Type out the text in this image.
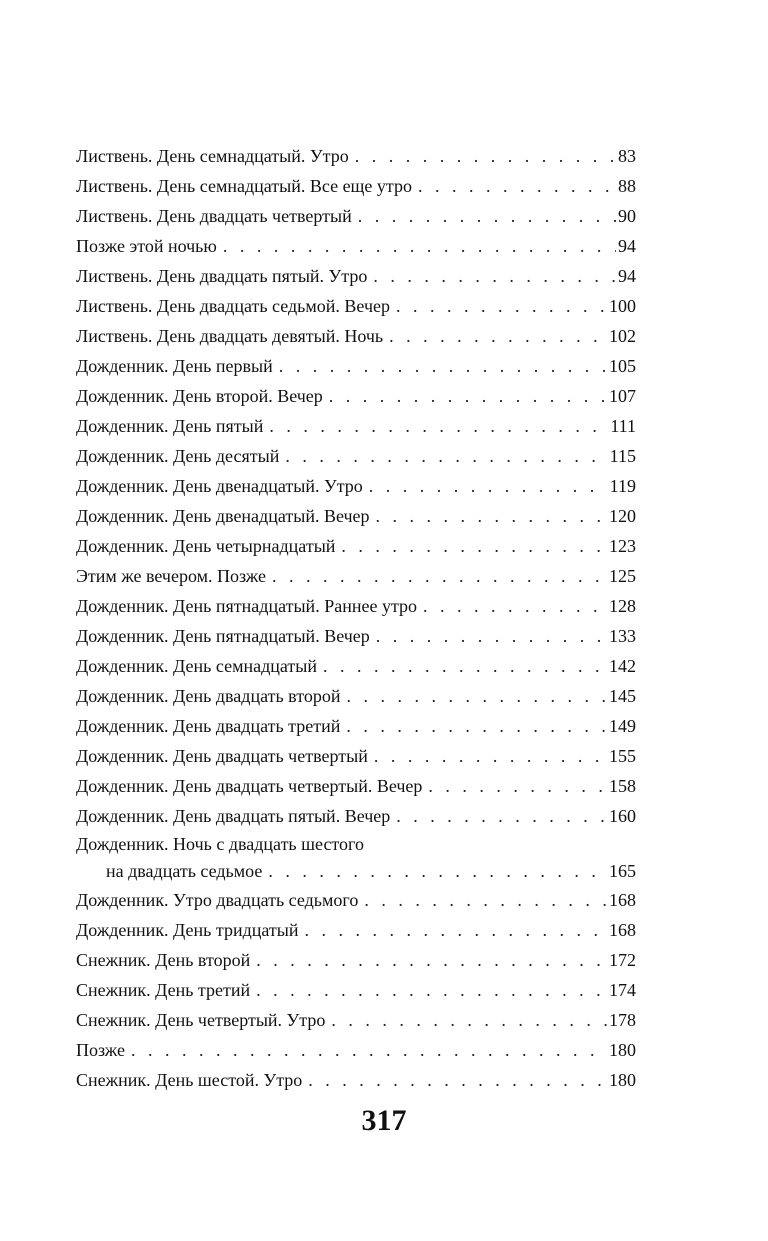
Листвень. День семнадцатый. Утро . . .	83
Листвень. День семнадцатый. Все еще утро . . .	88
Листвень. День двадцать четвертый . . .	90
Позже этой ночью . . .	94
Листвень. День двадцать пятый. Утро . . .	94
Листвень. День двадцать седьмой. Вечер . . .	100
Листвень. День двадцать девятый. Ночь . . .	102
Дожденник. День первый . . .	105
Дожденник. День второй. Вечер . . .	107
Дожденник. День пятый . . .	111
Дожденник. День десятый . . .	115
Дожденник. День двенадцатый. Утро . . .	119
Дожденник. День двенадцатый. Вечер . . .	120
Дожденник. День четырнадцатый . . .	123
Этим же вечером. Позже . . .	125
Дожденник. День пятнадцатый. Раннее утро . . .	128
Дожденник. День пятнадцатый. Вечер . . .	133
Дожденник. День семнадцатый . . .	142
Дожденник. День двадцать второй . . .	145
Дожденник. День двадцать третий . . .	149
Дожденник. День двадцать четвертый . . .	155
Дожденник. День двадцать четвертый. Вечер . . .	158
Дожденник. День двадцать пятый. Вечер . . .	160
Дожденник. Ночь с двадцать шестого
на двадцать седьмое . . .	165
Дожденник. Утро двадцать седьмого . . .	168
Дожденник. День тридцатый . . .	168
Снежник. День второй . . .	172
Снежник. День третий . . .	174
Снежник. День четвертый. Утро . . .	178
Позже . . .	180
Снежник. День шестой. Утро . . .	180
317
